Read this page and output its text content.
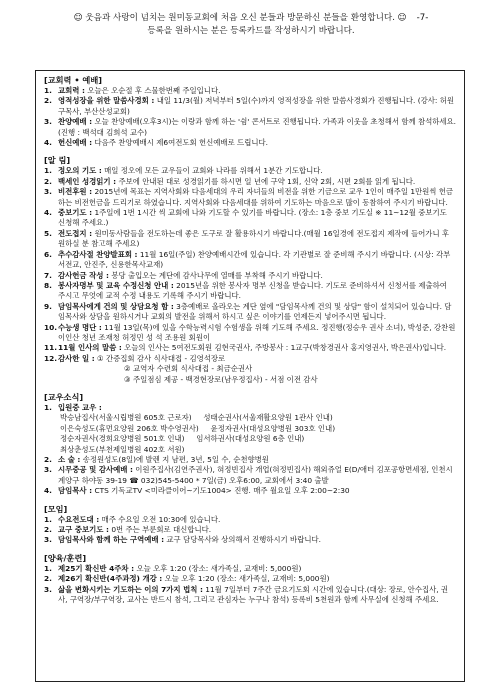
☺ 웃음과 사랑이 넘치는 원미동교회에 처음 오신 분들과 방문하신 분들을 환영합니다. ☺ -7-
등록을 원하시는 분은 등록카드를 작성하시기 바랍니다.
[교회력 • 예배]
1. 교회력 : 오늘은 오순절 후 스물한번째 주일입니다.
2. 영적성장을 위한 말씀사경회 : 내일 11/3(월) 저녁부터 5일(수)까지 영적성장을 위한 말씀사경회가 진행됩니다. (강사: 허원구목사, 부산산성교회)
3. 찬양예배 : 오늘 찬양예배(오후3시)는 이랑과 함께 하는 '쉼' 콘서트로 진행됩니다. 가족과 이웃을 초청해서 함께 참석하세요.(진행 : 백석대 김희석 교수)
4. 헌신예배 : 다음주 찬양예배시 제6여전도회 헌신예배로 드립니다.
[알 림]
1. 정오의 기도 : 매일 정오에 모든 교우들이 교회와 나라를 위해서 1분간 기도합니다.
2. 백세인 성경읽기 : 주보에 안내된 대로 성경읽기를 하시면 일 년에 구약 1회, 신약 2회, 시편 2회를 읽게 됩니다.
3. 비전후원 : 2015년에 목표는 지역사회와 다음세대의 우리 자녀들의 비전을 위한 기금으로 교우 1인이 매주일 1만원씩 헌금하는 비전헌금을 드리기로 하였습니다. 지역사회와 다음세대를 위하여 기도하는 마음으로 많이 동참하여 주시기 바랍니다.
4. 중보기도 : 1주일에 1번 1시간 씩 교회에 나와 기도할 수 있기를 바랍니다. (장소: 1층 중보 기도실 ※ 11~12월 중보기도 신청해 주세요.)
5. 전도접지 : 원미동사람들을 전도하는데 좋은 도구로 잘 활용하시기 바랍니다.(매월 16일경에 전도접지 제작에 들어가니 후원하실 분 참고해 주세요)
6. 추수감사절 찬양발표회 : 11월 16일(주일) 찬양예배시간에 있습니다. 각 기관별로 잘 준비해 주시기 바랍니다. (시상: 각부서전교, 안진주, 신용한목사교재)
7. 감사헌금 작성 : 봉당 출입오는 계단에 감사나무에 열매를 부착해 주시기 바랍니다.
8. 봉사자명부 및 교육 수정신청 안내 : 2015년을 위한 봉사자 명부 신청을 받습니다. 기도로 준비하셔서 신청서를 제출하여 주시고 무엇에 교적 수정 내용도 기록해 주시기 바랍니다.
9. 담임목사에게 건의 및 상담요청 함 : 3층예배로 올라오는 계단 옆에 "담임목사께 건의 및 상담" 함이 설치되어 있습니다. 담임목사와 상담을 원하시거나 교회의 발전을 위해서 하시고 싶은 이야기를 언제든지 넣어주시면 됩니다.
10. 수능생 명단 : 11월 13일(목)에 있을 수학능력시험 수험생을 위해 기도해 주세요. 정진행(정승우 권사 소녀), 박성준, 강찬원 이인산 청년 조재청 허정민 성 석 조용원 회원이
11. 11월 인사의 말씀 : 오늘의 인사는 5여전도회원 김현국권사, 주방봉사 : 1교구(박창경권사 홍지영권사, 박은권사)입니다.
12. 감사한 일 : ① 간증집회 감사 식사대접 - 김영석장로
② 교역자 수련회 식사대접 - 최금순권사
③ 주일점심 제공 - 백경현장로(남우정집사) - 서점 이전 감사
[교우소식]
1. 입원중 교우 :
박승남집사(서울시립병원 605호 근로자)     성태순권사(서울재활요양원 1관사 인내)
이은숙성도(휴먼요양원 206호 박수영권사)     윤정자권사(대성요양병원 303호 인내)
정순자권사(경희요양병원 501호 인내)     임서하권사(대성요양원 6층 인내)
최상춘성도(부천제일병원 402호 서원)
2. 소 술 : 송정원성도(8일)에 발렌 지 남편, 3년, 5일 수, 순천향병원
3. 시무중공 및 감사예배 : 이원주집사(김연주권사), 혀정빈집사 개업(혀정빈집사) 해외쥬얼 E(D/애터 김포공항면세점, 인천시 계양구 하야동 39-19 ☎ 032)545-5400 * 7일(금) 오후6:00, 교회에서 3:40 출발
4. 담임목사 : CTS 기독교TV <미라클이어~기도1004> 진행. 매주 월요일 오후 2:00~2:30
[모임]
1. 수요전도대 : 매주 수요일 오전 10:30에 있습니다.
2. 교구 중보기도 : 0번 주는 부룬회로 대신합니다.
3. 담임목사와 함께 하는 구역예배 : 교구 담당목사와 상의해서 진행하시기 바랍니다.
[양육/훈련]
1. 제25기 확신반 4주차 : 오늘 오후 1:20 (장소: 새가족실, 교재비: 5,000원)
2. 제26기 확신반(4주과정) 개강 : 오늘 오후 1:20 (장소: 새가족실, 교재비: 5,000원)
3. 삶을 변화시키는 기도하는 이의 7가지 법칙 : 11월 7일부터 7주간 금요기도회 시간에 있습니다.(대상: 장로, 안수집사, 권사, 구역장/부구역장, 교사는 반드시 참석, 그리고 관심자는 누구나 참석) 등록비 5천원과 함께 사무실에 신청해 주세요.
